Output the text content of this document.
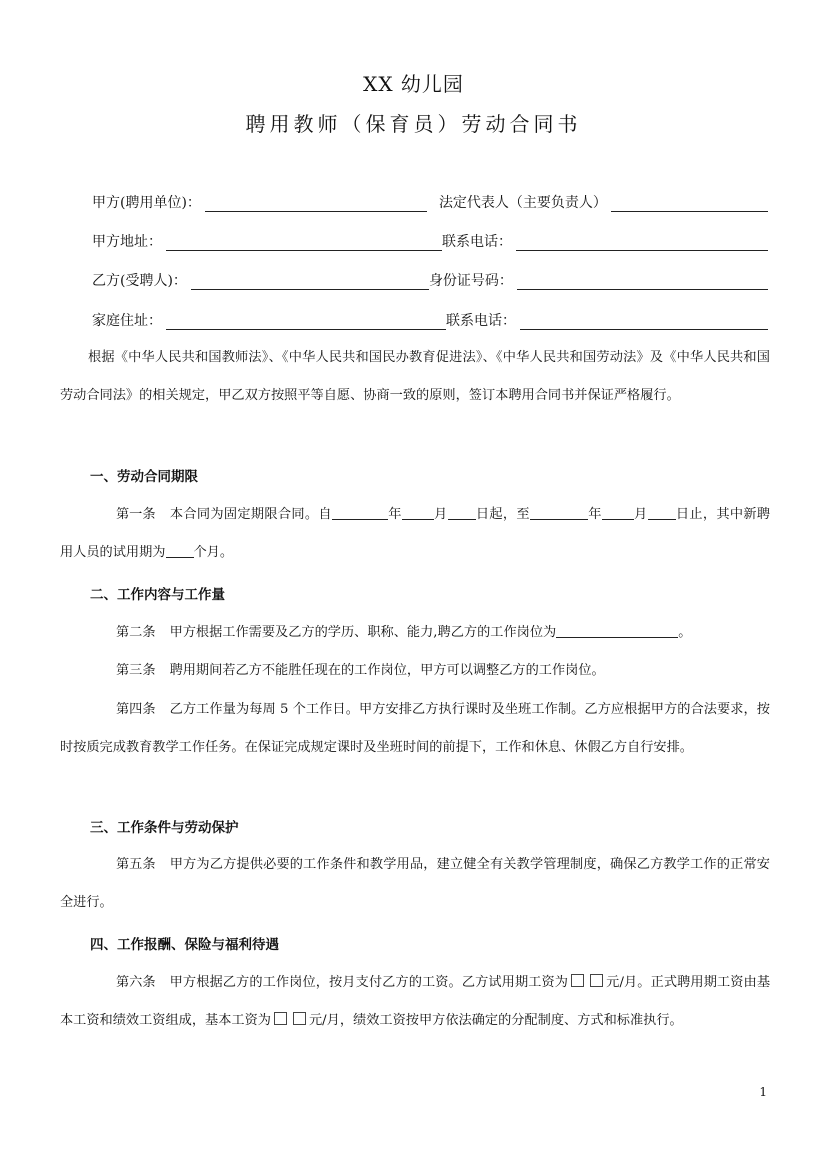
XX 幼儿园
聘用教师（保育员）劳动合同书
甲方(聘用单位)：	法定代表人（主要负责人）
甲方地址：	联系电话：
乙方(受聘人)：	身份证号码：
家庭住址：	联系电话：
根据《中华人民共和国教师法》、《中华人民共和国民办教育促进法》、《中华人民共和国劳动法》及《中华人民共和国劳动合同法》的相关规定，甲乙双方按照平等自愿、协商一致的原则，签订本聘用合同书并保证严格履行。
一、劳动合同期限
第一条 本合同为固定期限合同。自	年 月 日起，至	年 月 日止，其中新聘用人员的试用期为 个月。
二、工作内容与工作量
第二条 甲方根据工作需要及乙方的学历、职称、能力,聘乙方的工作岗位为	。
第三条 聘用期间若乙方不能胜任现在的工作岗位，甲方可以调整乙方的工作岗位。
第四条 乙方工作量为每周 5 个工作日。甲方安排乙方执行课时及坐班工作制。乙方应根据甲方的合法要求，按时按质完成教育教学工作任务。在保证完成规定课时及坐班时间的前提下，工作和休息、休假乙方自行安排。
三、工作条件与劳动保护
第五条 甲方为乙方提供必要的工作条件和教学用品，建立健全有关教学管理制度，确保乙方教学工作的正常安全进行。
四、工作报酬、保险与福利待遇
第六条 甲方根据乙方的工作岗位，按月支付乙方的工资。乙方试用期工资为	元/月。正式聘用期工资由基本工资和绩效工资组成，基本工资为	元/月，绩效工资按甲方依法确定的分配制度、方式和标准执行。
1
